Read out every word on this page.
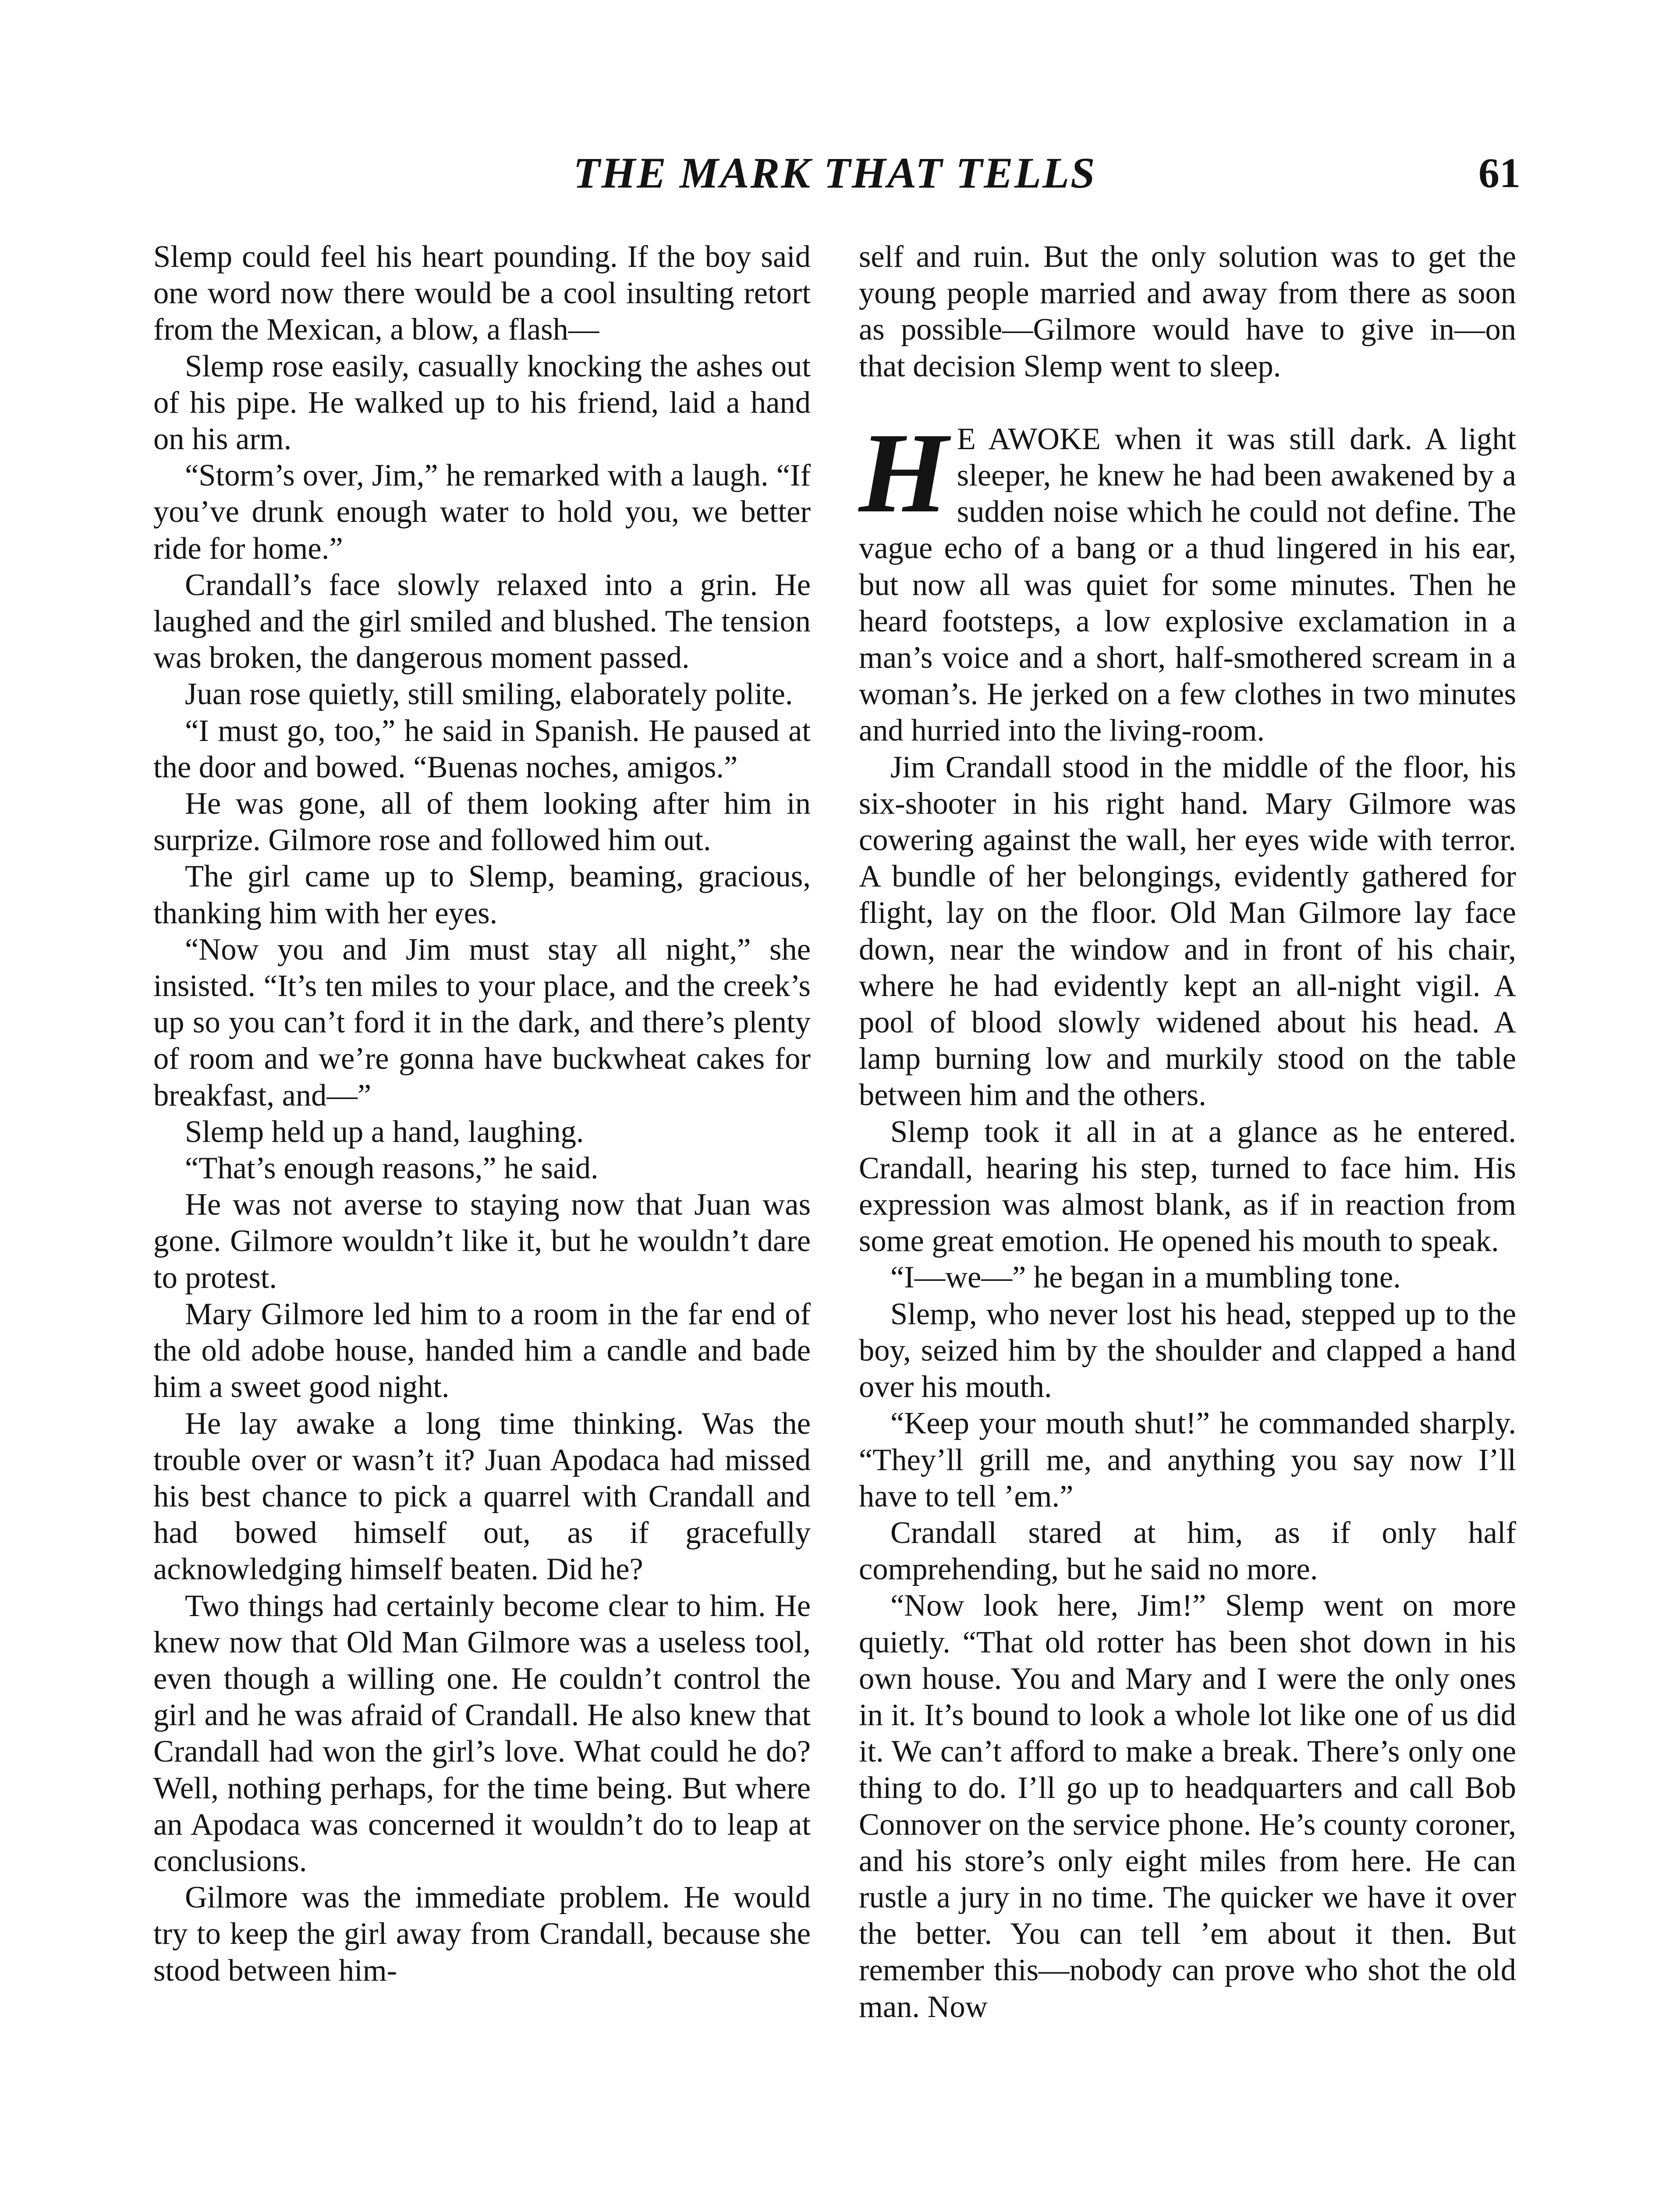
THE MARK THAT TELLS	61

Slemp could feel his heart pounding. If the boy said one word now there would be a cool insulting retort from the Mexican, a blow, a flash—

Slemp rose easily, casually knocking the ashes out of his pipe. He walked up to his friend, laid a hand on his arm.

“Storm’s over, Jim,” he remarked with a laugh. “If you’ve drunk enough water to hold you, we better ride for home.”

Crandall’s face slowly relaxed into a grin. He laughed and the girl smiled and blushed. The tension was broken, the dangerous moment passed.

Juan rose quietly, still smiling, elaborately polite.

“I must go, too,” he said in Spanish. He paused at the door and bowed. “Buenas noches, amigos.”

He was gone, all of them looking after him in surprize. Gilmore rose and followed him out.

The girl came up to Slemp, beaming, gracious, thanking him with her eyes.

“Now you and Jim must stay all night,” she insisted. “It’s ten miles to your place, and the creek’s up so you can’t ford it in the dark, and there’s plenty of room and we’re gonna have buckwheat cakes for breakfast, and—”

Slemp held up a hand, laughing.

“That’s enough reasons,” he said.

He was not averse to staying now that Juan was gone. Gilmore wouldn’t like it, but he wouldn’t dare to protest.

Mary Gilmore led him to a room in the far end of the old adobe house, handed him a candle and bade him a sweet good night.

He lay awake a long time thinking. Was the trouble over or wasn’t it? Juan Apodaca had missed his best chance to pick a quarrel with Crandall and had bowed himself out, as if gracefully acknowledging himself beaten. Did he?

Two things had certainly become clear to him. He knew now that Old Man Gilmore was a useless tool, even though a willing one. He couldn’t control the girl and he was afraid of Crandall. He also knew that Crandall had won the girl’s love. What could he do? Well, nothing perhaps, for the time being. But where an Apodaca was concerned it wouldn’t do to leap at conclusions.

Gilmore was the immediate problem. He would try to keep the girl away from Crandall, because she stood between him-

self and ruin. But the only solution was to get the young people married and away from there as soon as possible—Gilmore would have to give in—on that decision Slemp went to sleep.

H E AWOKE when it was still dark. A light sleeper, he knew he had been awakened by a sudden noise which he could not define. The vague echo of a bang or a thud lingered in his ear, but now all was quiet for some minutes. Then he heard footsteps, a low explosive exclamation in a man’s voice and a short, half-smothered scream in a woman’s. He jerked on a few clothes in two minutes and hurried into the living-room.

Jim Crandall stood in the middle of the floor, his six-shooter in his right hand. Mary Gilmore was cowering against the wall, her eyes wide with terror. A bundle of her belongings, evidently gathered for flight, lay on the floor. Old Man Gilmore lay face down, near the window and in front of his chair, where he had evidently kept an all-night vigil. A pool of blood slowly widened about his head. A lamp burning low and murkily stood on the table between him and the others.

Slemp took it all in at a glance as he entered. Crandall, hearing his step, turned to face him. His expression was almost blank, as if in reaction from some great emotion. He opened his mouth to speak.

“I—we—” he began in a mumbling tone.

Slemp, who never lost his head, stepped up to the boy, seized him by the shoulder and clapped a hand over his mouth.

“Keep your mouth shut!” he commanded sharply. “They’ll grill me, and anything you say now I’ll have to tell ’em.”

Crandall stared at him, as if only half comprehending, but he said no more.

“Now look here, Jim!” Slemp went on more quietly. “That old rotter has been shot down in his own house. You and Mary and I were the only ones in it. It’s bound to look a whole lot like one of us did it. We can’t afford to make a break. There’s only one thing to do. I’ll go up to headquarters and call Bob Connover on the service phone. He’s county coroner, and his store’s only eight miles from here. He can rustle a jury in no time. The quicker we have it over the better. You can tell ’em about it then. But remember this—nobody can prove who shot the old man. Now
